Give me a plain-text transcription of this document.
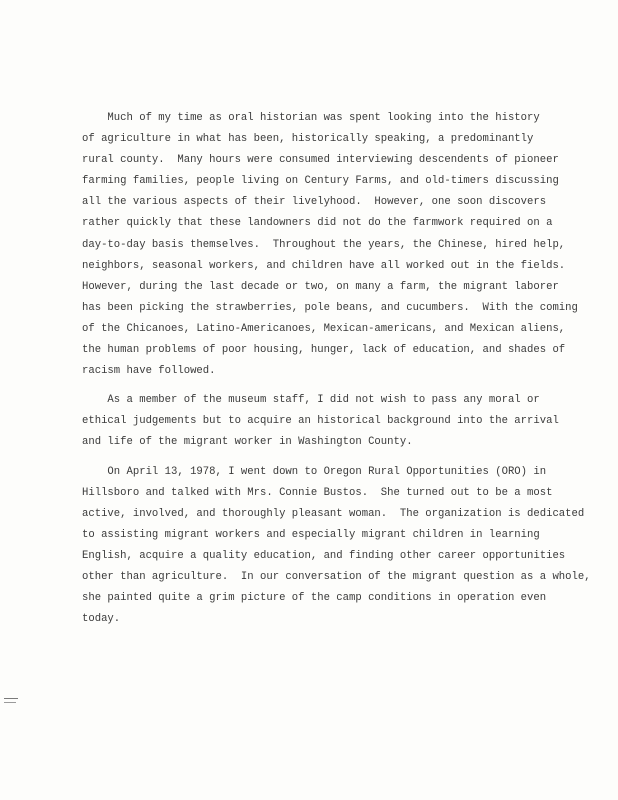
Much of my time as oral historian was spent looking into the history
of agriculture in what has been, historically speaking, a predominantly
rural county.  Many hours were consumed interviewing descendents of pioneer
farming families, people living on Century Farms, and old-timers discussing
all the various aspects of their livelyhood.  However, one soon discovers
rather quickly that these landowners did not do the farmwork required on a
day-to-day basis themselves.  Throughout the years, the Chinese, hired help,
neighbors, seasonal workers, and children have all worked out in the fields.
However, during the last decade or two, on many a farm, the migrant laborer
has been picking the strawberries, pole beans, and cucumbers.  With the coming
of the Chicanoes, Latino-Americanoes, Mexican-americans, and Mexican aliens,
the human problems of poor housing, hunger, lack of education, and shades of
racism have followed.
As a member of the museum staff, I did not wish to pass any moral or
ethical judgements but to acquire an historical background into the arrival
and life of the migrant worker in Washington County.
On April 13, 1978, I went down to Oregon Rural Opportunities (ORO) in
Hillsboro and talked with Mrs. Connie Bustos.  She turned out to be a most
active, involved, and thoroughly pleasant woman.  The organization is dedicated
to assisting migrant workers and especially migrant children in learning
English, acquire a quality education, and finding other career opportunities
other than agriculture.  In our conversation of the migrant question as a whole,
she painted quite a grim picture of the camp conditions in operation even
today.
